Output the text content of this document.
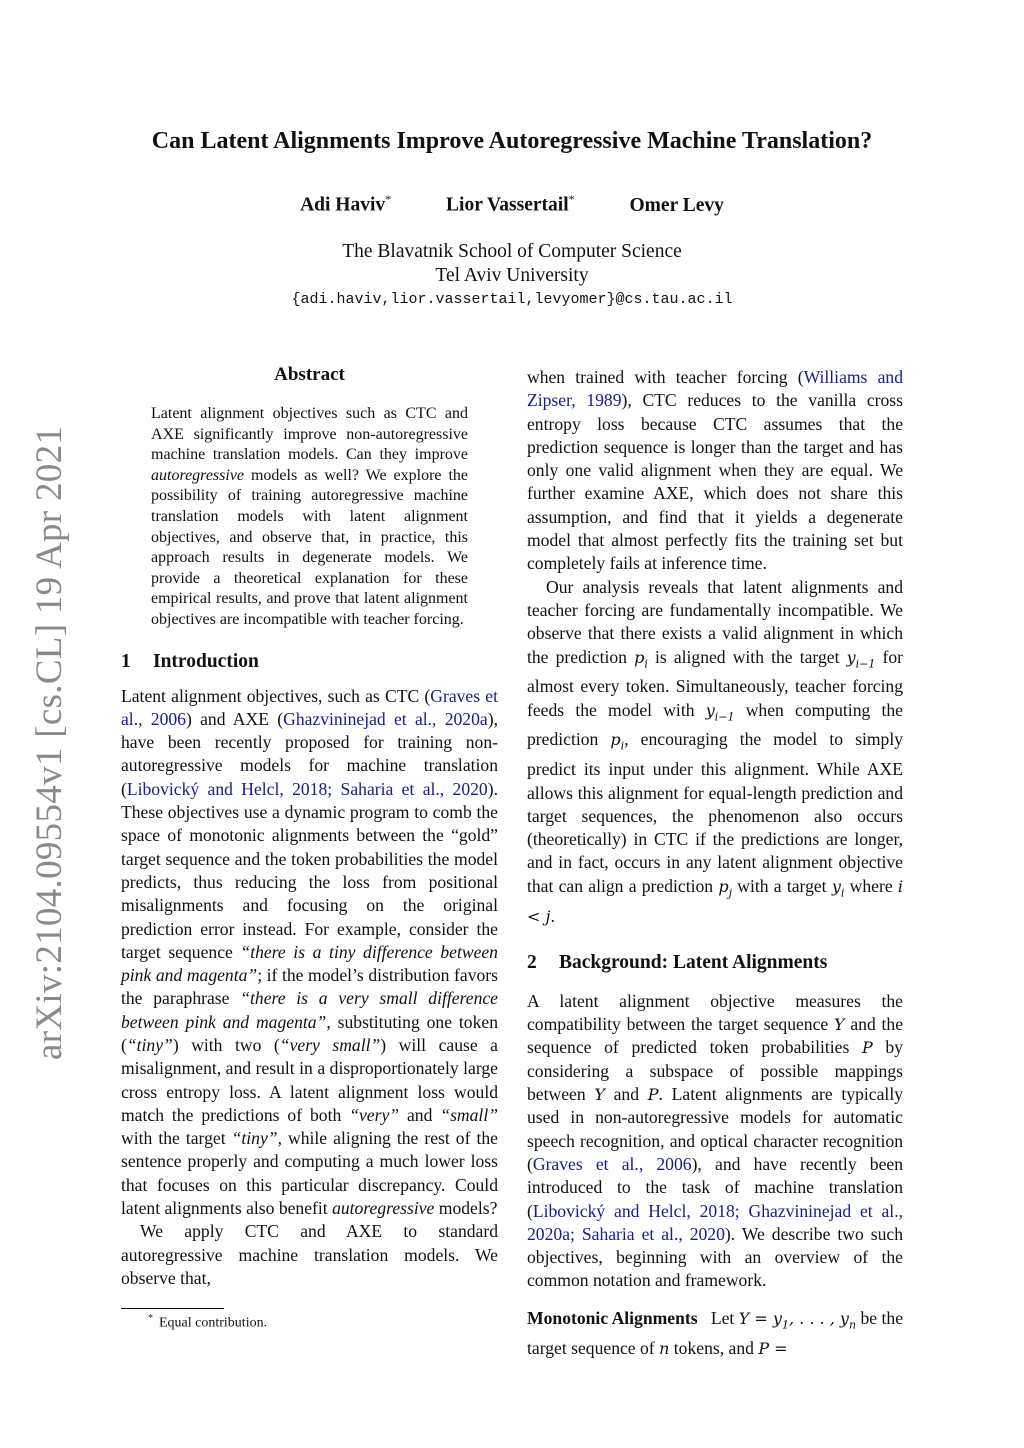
arXiv:2104.09554v1 [cs.CL] 19 Apr 2021
Can Latent Alignments Improve Autoregressive Machine Translation?
Adi Haviv*	Lior Vassertail*	Omer Levy
The Blavatnik School of Computer Science
Tel Aviv University
{adi.haviv,lior.vassertail,levyomer}@cs.tau.ac.il
Abstract

Latent alignment objectives such as CTC and AXE significantly improve non-autoregressive machine translation models. Can they improve autoregressive models as well? We explore the possibility of training autoregressive machine translation models with latent alignment objectives, and observe that, in practice, this approach results in degenerate models. We provide a theoretical explanation for these empirical results, and prove that latent alignment objectives are incompatible with teacher forcing.

1 Introduction

Latent alignment objectives, such as CTC (Graves et al., 2006) and AXE (Ghazvininejad et al., 2020a), have been recently proposed for training non-autoregressive models for machine translation (Libovický and Helcl, 2018; Saharia et al., 2020). These objectives use a dynamic program to comb the space of monotonic alignments between the “gold” target sequence and the token probabilities the model predicts, thus reducing the loss from positional misalignments and focusing on the original prediction error instead. For example, consider the target sequence “there is a tiny difference between pink and magenta”; if the model’s distribution favors the paraphrase “there is a very small difference between pink and magenta”, substituting one token (“tiny”) with two (“very small”) will cause a misalignment, and result in a disproportionately large cross entropy loss. A latent alignment loss would match the predictions of both “very” and “small” with the target “tiny”, while aligning the rest of the sentence properly and computing a much lower loss that focuses on this particular discrepancy. Could latent alignments also benefit autoregressive models?

We apply CTC and AXE to standard autoregressive machine translation models. We observe that,

when trained with teacher forcing (Williams and Zipser, 1989), CTC reduces to the vanilla cross entropy loss because CTC assumes that the prediction sequence is longer than the target and has only one valid alignment when they are equal. We further examine AXE, which does not share this assumption, and find that it yields a degenerate model that almost perfectly fits the training set but completely fails at inference time.

Our analysis reveals that latent alignments and teacher forcing are fundamentally incompatible. We observe that there exists a valid alignment in which the prediction $p_i$ is aligned with the target $y_{i-1}$ for almost every token. Simultaneously, teacher forcing feeds the model with $y_{i-1}$ when computing the prediction $p_i$, encouraging the model to simply predict its input under this alignment. While AXE allows this alignment for equal-length prediction and target sequences, the phenomenon also occurs (theoretically) in CTC if the predictions are longer, and in fact, occurs in any latent alignment objective that can align a prediction $p_j$ with a target $y_i$ where i < j.

2 Background: Latent Alignments

A latent alignment objective measures the compatibility between the target sequence Y and the sequence of predicted token probabilities P by considering a subspace of possible mappings between Y and P. Latent alignments are typically used in non-autoregressive models for automatic speech recognition, and optical character recognition (Graves et al., 2006), and have recently been introduced to the task of machine translation (Libovický and Helcl, 2018; Ghazvininejad et al., 2020a; Saharia et al., 2020). We describe two such objectives, beginning with an overview of the common notation and framework.

Monotonic Alignments Let $Y = y_1$, . . . , $y_n$ be the target sequence of n tokens, and P =

* Equal contribution.
